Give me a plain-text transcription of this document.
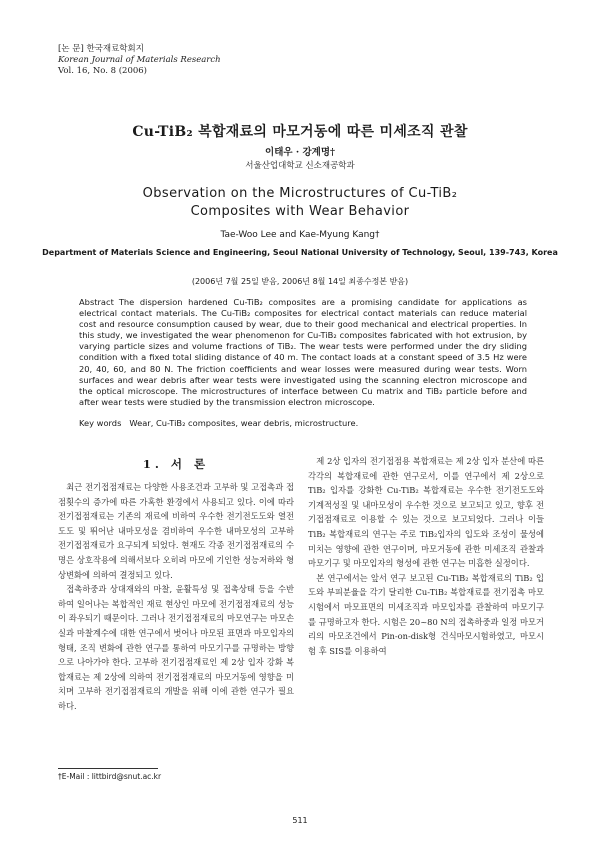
[논 문] 한국재료학회지
Korean Journal of Materials Research
Vol. 16, No. 8 (2006)
Cu-TiB₂ 복합재료의 마모거동에 따른 미세조직 관찰
이태우 · 강계명†
서울산업대학교 신소재공학과
Observation on the Microstructures of Cu-TiB₂
Composites with Wear Behavior
Tae-Woo Lee and Kae-Myung Kang†
Department of Materials Science and Engineering, Seoul National University of Technology, Seoul, 139-743, Korea
(2006년 7월 25일 받음, 2006년 8월 14일 최종수정본 받음)
Abstract The dispersion hardened Cu-TiB₂ composites are a promising candidate for applications as electrical contact materials. The Cu-TiB₂ composites for electrical contact materials can reduce material cost and resource consumption caused by wear, due to their good mechanical and electrical properties. In this study, we investigated the wear phenomenon for Cu-TiB₂ composites fabricated with hot extrusion, by varying particle sizes and volume fractions of TiB₂. The wear tests were performed under the dry sliding condition with a fixed total sliding distance of 40 m. The contact loads at a constant speed of 3.5 Hz were 20, 40, 60, and 80 N. The friction coefficients and wear losses were measured during wear tests. Worn surfaces and wear debris after wear tests were investigated using the scanning electron microscope and the optical microscope. The microstructures of interface between Cu matrix and TiB₂ particle before and after wear tests were studied by the transmission electron microscope.
Key words Wear, Cu-TiB₂ composites, wear debris, microstructure.
1. 서 론

최근 전기접점재료는 다양한 사용조건과 고부하 및 고접촉과 접점횟수의 증가에 따른 가혹한 환경에서 사용되고 있다. 이에 따라 전기접점재료는 기존의 재료에 비하여 우수한 전기전도도와 열전도도 및 뛰어난 내마모성을 겸비하여 우수한 내마모성의 고부하 전기접점재료가 요구되게 되었다. 현재도 각종 전기접점재료의 수명은 상호작용에 의해서보다 오히려 마모에 기인한 성능저하와 형상변화에 의하여 결정되고 있다.

접촉하중과 상대재와의 마찰, 윤활특성 및 접촉상태 등을 수반하여 일어나는 복합적인 재료 현상인 마모에 전기접점재료의 성능이 좌우되기 때문이다. 그러나 전기접점재료의 마모연구는 마모손실과 마찰계수에 대한 연구에서 벗어나 마모된 표면과 마모입자의 형태, 조직 변화에 관한 연구를 통하여 마모기구를 규명하는 방향으로 나아가야 한다. 고부하 전기접점재료인 제 2상 입자 강화 복합재료는 제 2상에 의하여 전기접점재료의 마모거동에 영향을 미치며 고부하 전기접점재료의 개발을 위해 이에 관한 연구가 필요하다.

제 2상 입자의 전기접점용 복합재료는 제 2상 입자 분산에 따른 각각의 복합재료에 관한 연구로서, 이를 연구에서 제 2상으로 TiB₂ 입자를 강화한 Cu-TiB₂ 복합재료는 우수한 전기전도도와 기계적성질 및 내마모성이 우수한 것으로 보고되고 있고, 향후 전기접점재료로 이용할 수 있는 것으로 보고되었다. 그러나 이들 TiB₂ 복합재료의 연구는 주로 TiB₂입자의 입도와 조성이 물성에 미치는 영향에 관한 연구이며, 마모거동에 관한 미세조직 관찰과 마모기구 및 마모입자의 형성에 관한 연구는 미흡한 실정이다.

본 연구에서는 앞서 연구 보고된 Cu-TiB₂ 복합재료의 TiB₂ 입도와 부피분율을 각기 달리한 Cu-TiB₂ 복합재료를 전기접촉 마모시험에서 마모표면의 미세조직과 마모입자를 관찰하여 마모기구를 규명하고자 한다. 시험은 20~80 N의 접촉하중과 일정 마모거리의 마모조건에서 Pin-on-disk형 건식마모시험하였고, 마모시험 후 SIS를 이용하여

†E-Mail : littbird@snut.ac.kr
511
